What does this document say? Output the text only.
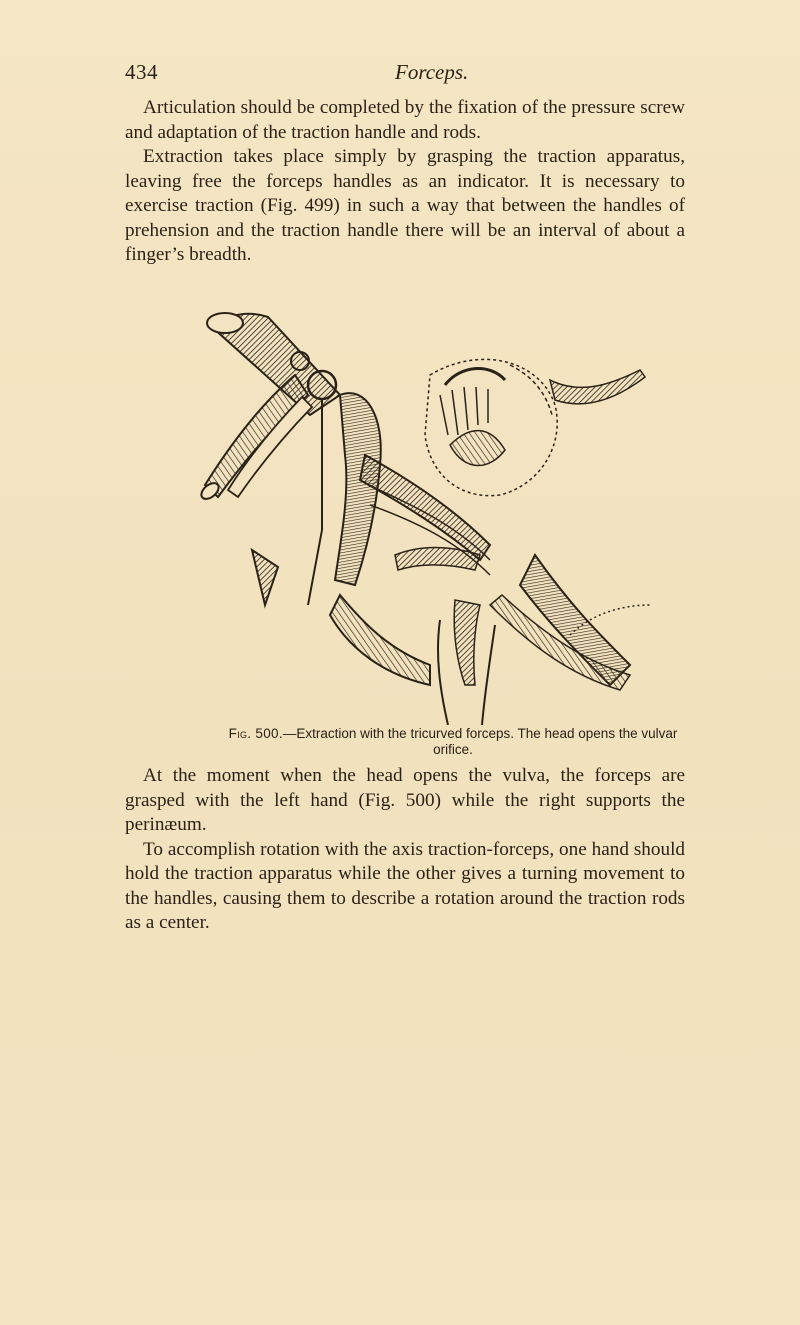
434	Forceps.

Articulation should be completed by the fixation of the pressure screw and adaptation of the traction handle and rods.

Extraction takes place simply by grasping the traction apparatus, leaving free the forceps handles as an indicator. It is necessary to exercise traction (Fig. 499) in such a way that between the handles of prehension and the traction handle there will be an interval of about a finger’s breadth.

Fig. 500.—Extraction with the tricurved forceps. The head opens the vulvar orifice.

At the moment when the head opens the vulva, the forceps are grasped with the left hand (Fig. 500) while the right supports the perinæum.

To accomplish rotation with the axis traction-forceps, one hand should hold the traction apparatus while the other gives a turning movement to the handles, causing them to describe a rotation around the traction rods as a center.
